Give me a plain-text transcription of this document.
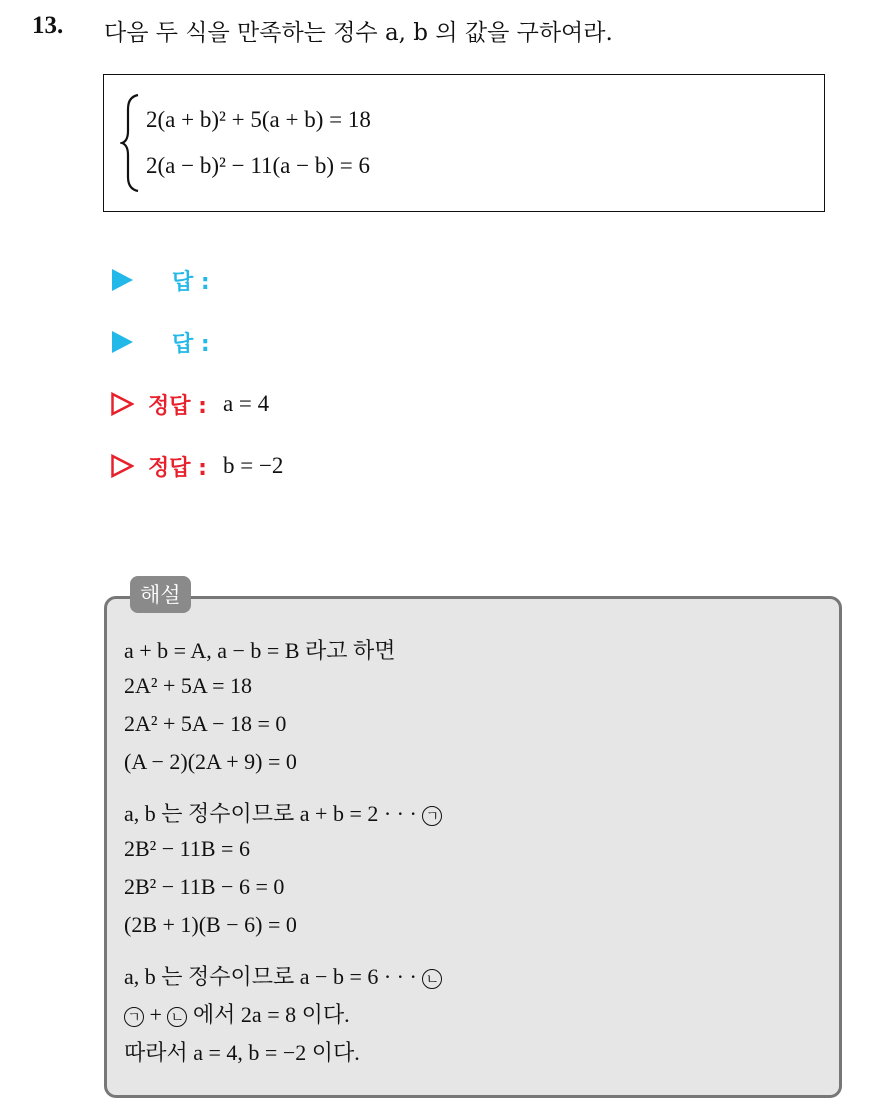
13. 다음 두 식을 만족하는 정수 a, b 의 값을 구하여라.
2(a + b)² + 5(a + b) = 18
2(a − b)² − 11(a − b) = 6
답 :
답 :
정답 : a = 4
정답 : b = −2
해설
a + b = A, a − b = B 라고 하면
2A² + 5A = 18
2A² + 5A − 18 = 0
(A − 2)(2A + 9) = 0
a, b 는 정수이므로 a + b = 2 · · · ㄱ
2B² − 11B = 6
2B² − 11B − 6 = 0
(2B + 1)(B − 6) = 0
a, b 는 정수이므로 a − b = 6 · · · ㄴ
ㄱ + ㄴ 에서 2a = 8 이다.
따라서 a = 4, b = −2 이다.
